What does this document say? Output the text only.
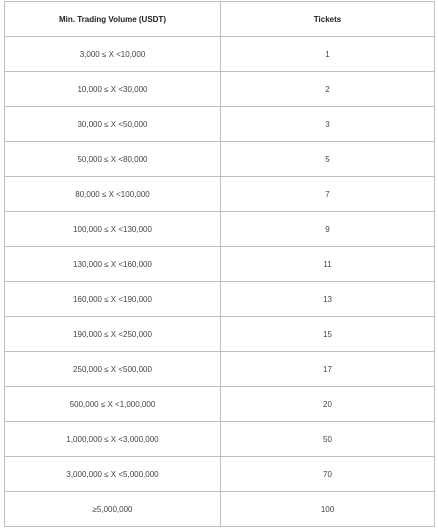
Min. Trading Volume (USDT)	Tickets
3,000 ≤ X <10,000	1
10,000 ≤ X <30,000	2
30,000 ≤ X <50,000	3
50,000 ≤ X <80,000	5
80,000 ≤ X <100,000	7
100,000 ≤ X <130,000	9
130,000 ≤ X <160,000	11
160,000 ≤ X <190,000	13
190,000 ≤ X <250,000	15
250,000 ≤ X <500,000	17
500,000 ≤ X <1,000,000	20
1,000,000 ≤ X <3,000,000	50
3,000,000 ≤ X <5,000,000	70
≥5,000,000	100
